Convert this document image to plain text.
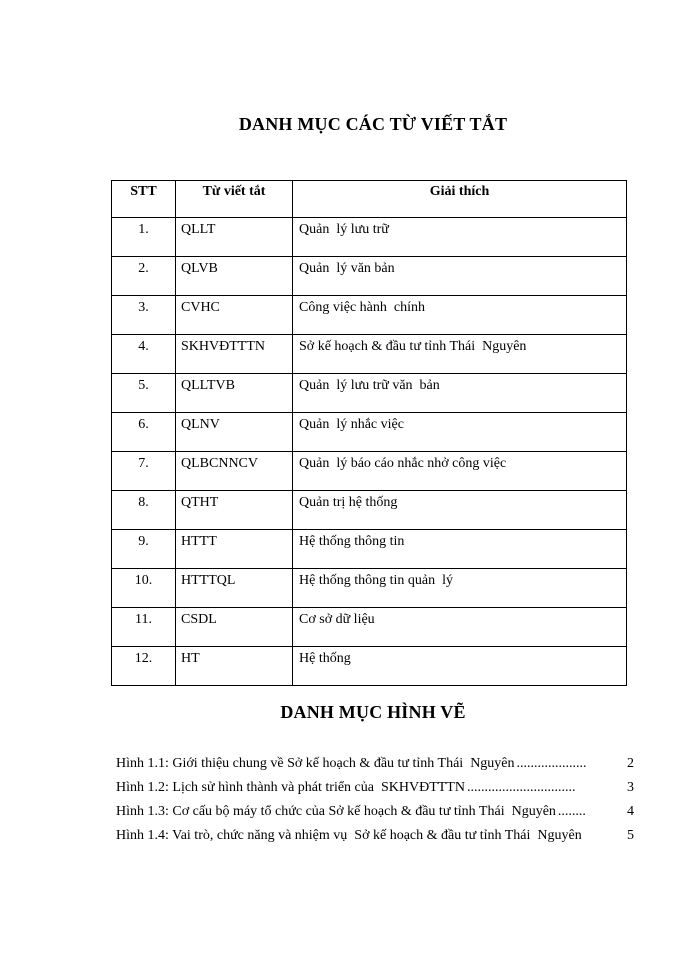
DANH MỤC CÁC TỪ VIẾT TẮT
STT	Từ viết tắt	Giải thích
1.	QLLT	Quản  lý lưu trữ
2.	QLVB	Quản  lý văn bản
3.	CVHC	Công việc hành  chính
4.	SKHVĐTTTN	Sở kế hoạch & đầu tư tỉnh Thái  Nguyên
5.	QLLTVB	Quản  lý lưu trữ văn  bản
6.	QLNV	Quản  lý nhắc việc
7.	QLBCNNCV	Quản  lý báo cáo nhắc nhở công việc
8.	QTHT	Quản trị hệ thống
9.	HTTT	Hệ thống thông tin
10.	HTTTQL	Hệ thống thông tin quản  lý
11.	CSDL	Cơ sở dữ liệu
12.	HT	Hệ thống
DANH MỤC HÌNH VẼ
Hình 1.1: Giới thiệu chung về Sở kế hoạch & đầu tư tỉnh Thái  Nguyên ....................	2
Hình 1.2: Lịch sử hình thành và phát triển của  SKHVĐTTTN ...............................	3
Hình 1.3: Cơ cấu bộ máy tổ chức của Sở kế hoạch & đầu tư tỉnh Thái  Nguyên ........	4
Hình 1.4: Vai trò, chức năng và nhiệm vụ  Sở kế hoạch & đầu tư tỉnh Thái  Nguyên	5
